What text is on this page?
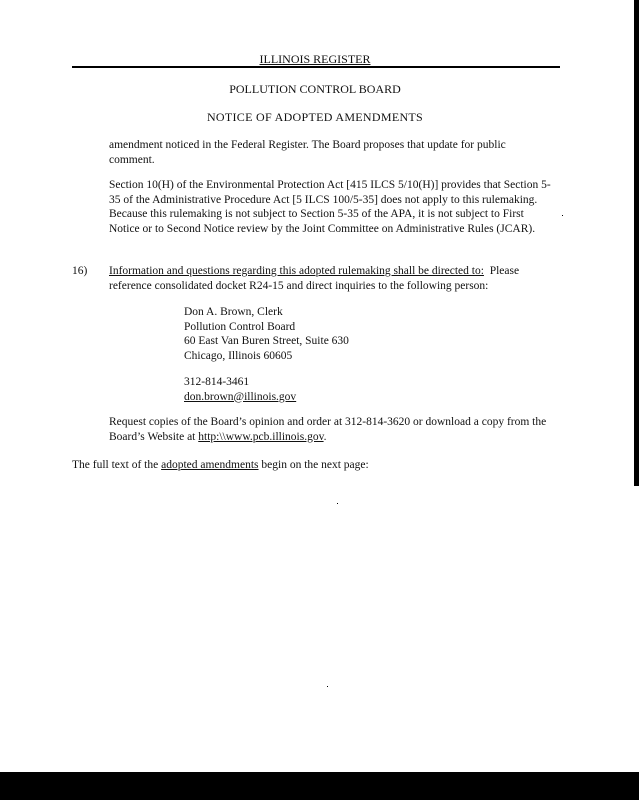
ILLINOIS REGISTER
POLLUTION CONTROL BOARD
NOTICE OF ADOPTED AMENDMENTS
amendment noticed in the Federal Register. The Board proposes that update for public comment.
Section 10(H) of the Environmental Protection Act [415 ILCS 5/10(H)] provides that Section 5-35 of the Administrative Procedure Act [5 ILCS 100/5-35] does not apply to this rulemaking. Because this rulemaking is not subject to Section 5-35 of the APA, it is not subject to First Notice or to Second Notice review by the Joint Committee on Administrative Rules (JCAR).
16) Information and questions regarding this adopted rulemaking shall be directed to: Please reference consolidated docket R24-15 and direct inquiries to the following person:
Don A. Brown, Clerk
Pollution Control Board
60 East Van Buren Street, Suite 630
Chicago, Illinois 60605
312-814-3461
don.brown@illinois.gov
Request copies of the Board’s opinion and order at 312-814-3620 or download a copy from the Board’s Website at http:\\www.pcb.illinois.gov.
The full text of the adopted amendments begin on the next page:
